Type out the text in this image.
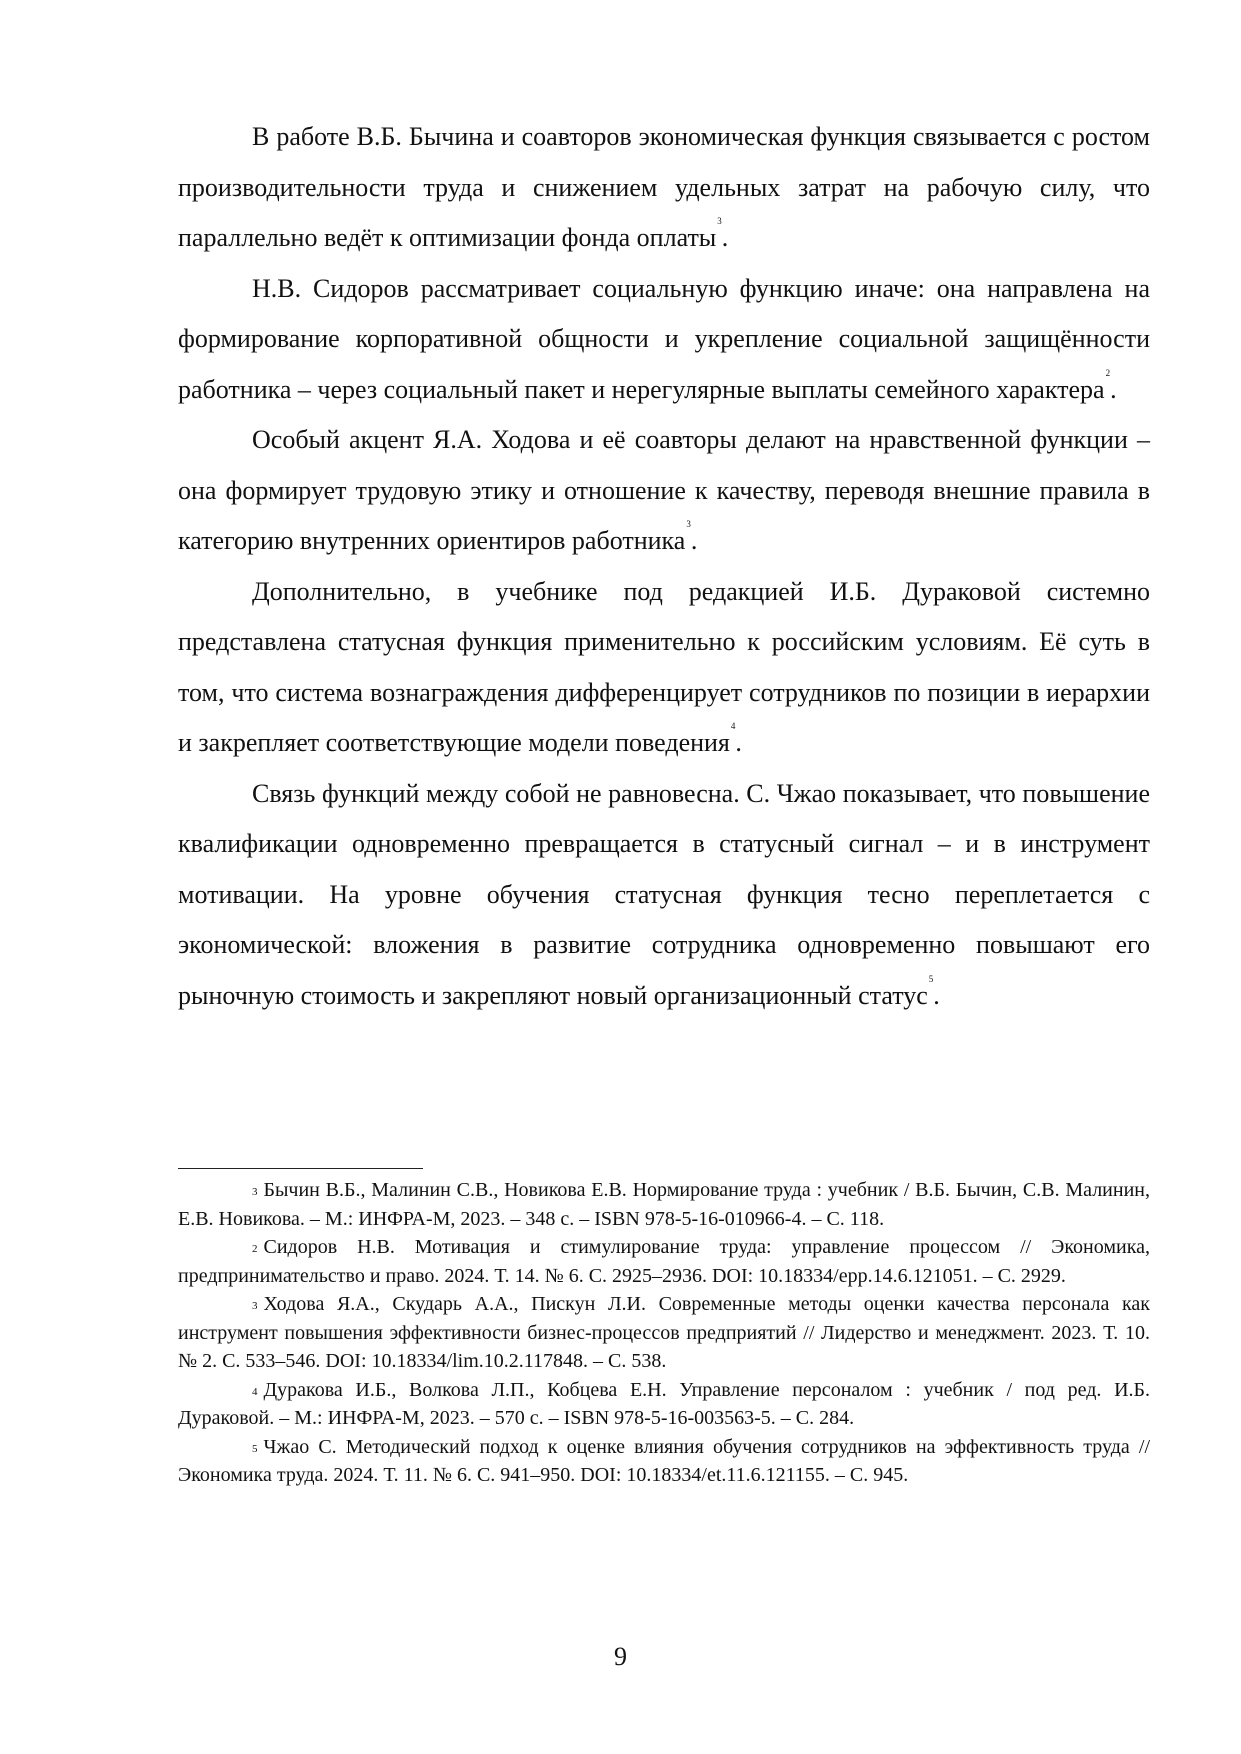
В работе В.Б. Бычина и соавторов экономическая функция связывается с ростом производительности труда и снижением удельных затрат на рабочую силу, что параллельно ведёт к оптимизации фонда оплаты$^3$.

Н.В. Сидоров рассматривает социальную функцию иначе: она направлена на формирование корпоративной общности и укрепление социальной защищённости работника – через социальный пакет и нерегулярные выплаты семейного характера$^2$.

Особый акцент Я.А. Ходова и её соавторы делают на нравственной функции – она формирует трудовую этику и отношение к качеству, переводя внешние правила в категорию внутренних ориентиров работника$^3$.

Дополнительно, в учебнике под редакцией И.Б. Дураковой системно представлена статусная функция применительно к российским условиям. Её суть в том, что система вознаграждения дифференцирует сотрудников по позиции в иерархии и закрепляет соответствующие модели поведения$^4$.

Связь функций между собой не равновесна. С. Чжао показывает, что повышение квалификации одновременно превращается в статусный сигнал – и в инструмент мотивации. На уровне обучения статусная функция тесно переплетается с экономической: вложения в развитие сотрудника одновременно повышают его рыночную стоимость и закрепляют новый организационный статус$^5$.

$^3$ Бычин В.Б., Малинин С.В., Новикова Е.В. Нормирование труда : учебник / В.Б. Бычин, С.В. Малинин, Е.В. Новикова. – М.: ИНФРА-М, 2023. – 348 с. – ISBN 978-5-16-010966-4. – С. 118.

$^2$ Сидоров Н.В. Мотивация и стимулирование труда: управление процессом // Экономика, предпринимательство и право. 2024. Т. 14. № 6. С. 2925–2936. DOI: 10.18334/epp.14.6.121051. – С. 2929.

$^3$ Ходова Я.А., Скударь А.А., Пискун Л.И. Современные методы оценки качества персонала как инструмент повышения эффективности бизнес-процессов предприятий // Лидерство и менеджмент. 2023. Т. 10. № 2. С. 533–546. DOI: 10.18334/lim.10.2.117848. – С. 538.

$^4$ Дуракова И.Б., Волкова Л.П., Кобцева Е.Н. Управление персоналом : учебник / под ред. И.Б. Дураковой. – М.: ИНФРА-М, 2023. – 570 с. – ISBN 978-5-16-003563-5. – С. 284.

$^5$ Чжао С. Методический подход к оценке влияния обучения сотрудников на эффективность труда // Экономика труда. 2024. Т. 11. № 6. С. 941–950. DOI: 10.18334/et.11.6.121155. – С. 945.

9
